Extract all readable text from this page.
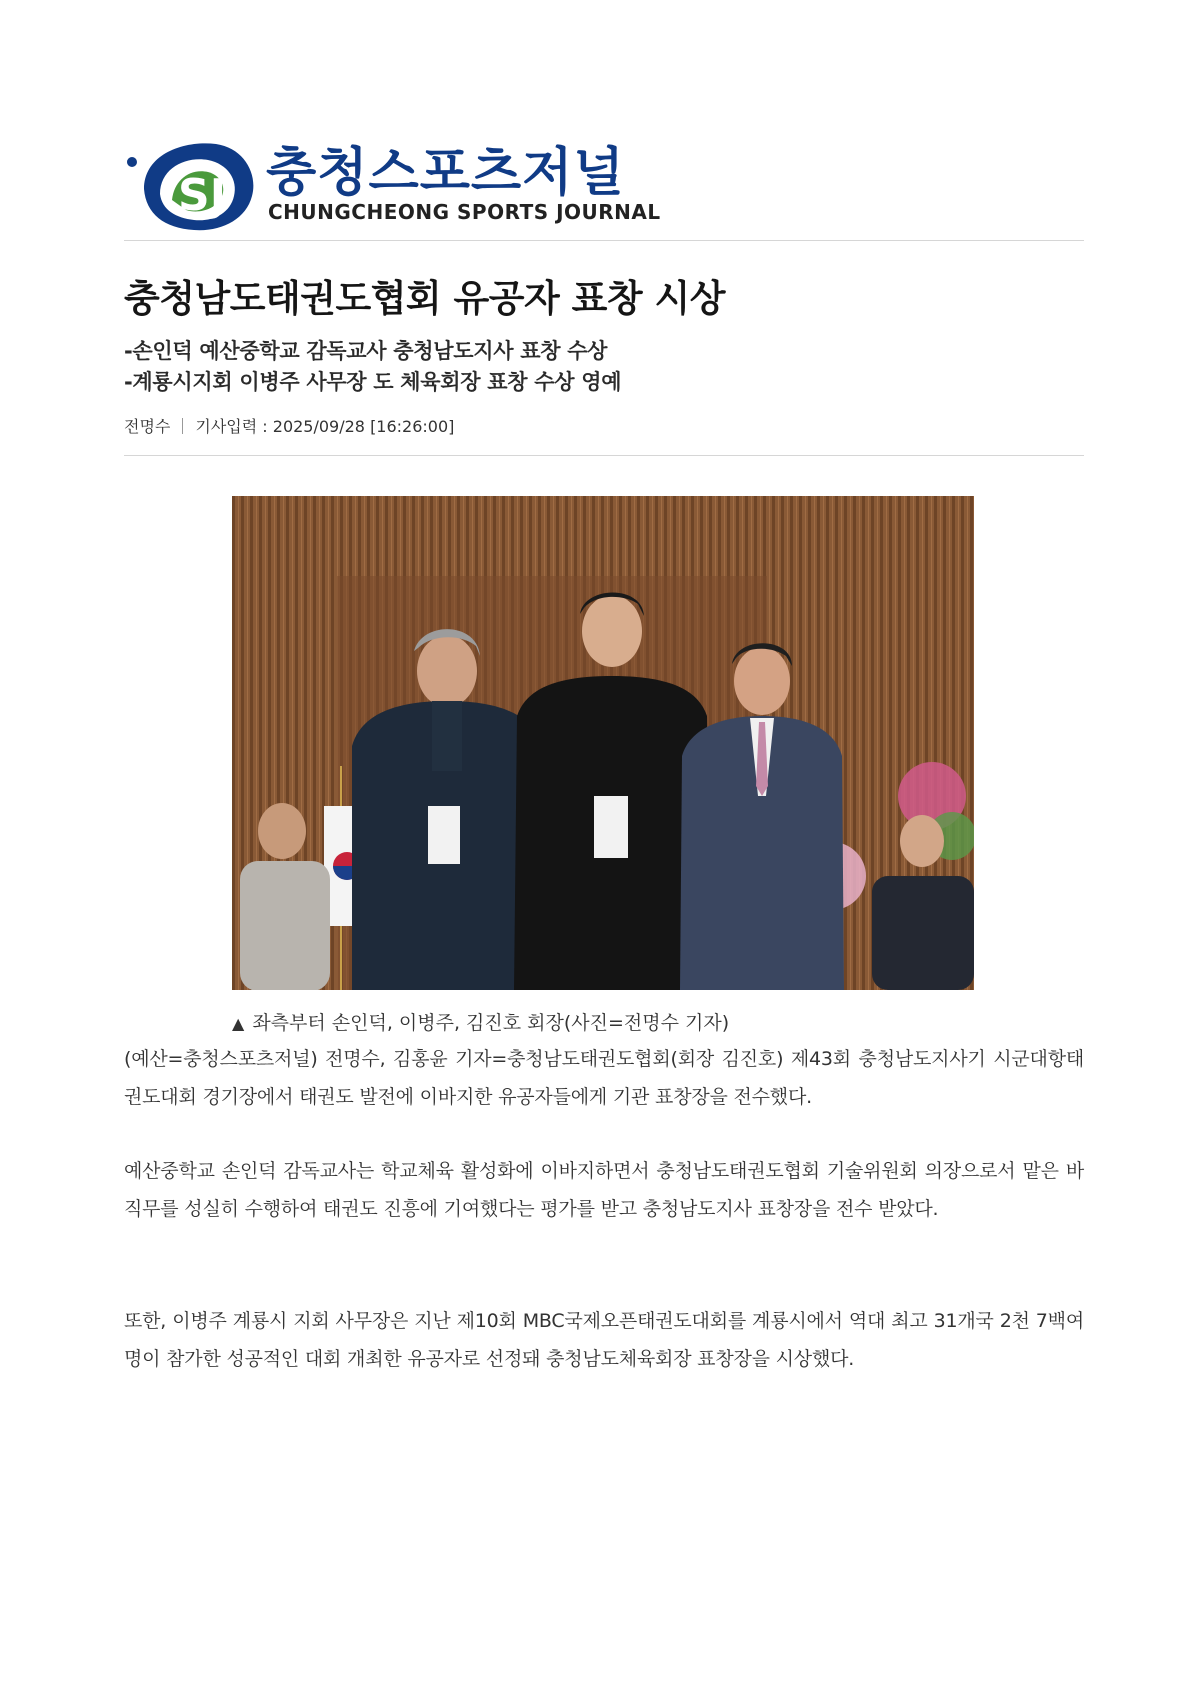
SJ 충청스포츠저널
CHUNGCHEONG SPORTS JOURNAL
충청남도태권도협회 유공자 표창 시상
-손인덕 예산중학교 감독교사 충청남도지사 표창 수상
-계룡시지회 이병주 사무장 도 체육회장 표창 수상 영예
전명수 기사입력 : 2025/09/28 [16:26:00]
▲ 좌측부터 손인덕, 이병주, 김진호 회장(사진=전명수 기자)

(예산=충청스포츠저널) 전명수, 김홍윤 기자=충청남도태권도협회(회장 김진호) 제43회 충청남도지사기 시군대항태권도대회 경기장에서 태권도 발전에 이바지한 유공자들에게 기관 표창장을 전수했다.

예산중학교 손인덕 감독교사는 학교체육 활성화에 이바지하면서 충청남도태권도협회 기술위원회 의장으로서 맡은 바 직무를 성실히 수행하여 태권도 진흥에 기여했다는 평가를 받고 충청남도지사 표창장을 전수 받았다.

또한, 이병주 계룡시 지회 사무장은 지난 제10회 MBC국제오픈태권도대회를 계룡시에서 역대 최고 31개국 2천 7백여 명이 참가한 성공적인 대회 개최한 유공자로 선정돼 충청남도체육회장 표창장을 시상했다.
